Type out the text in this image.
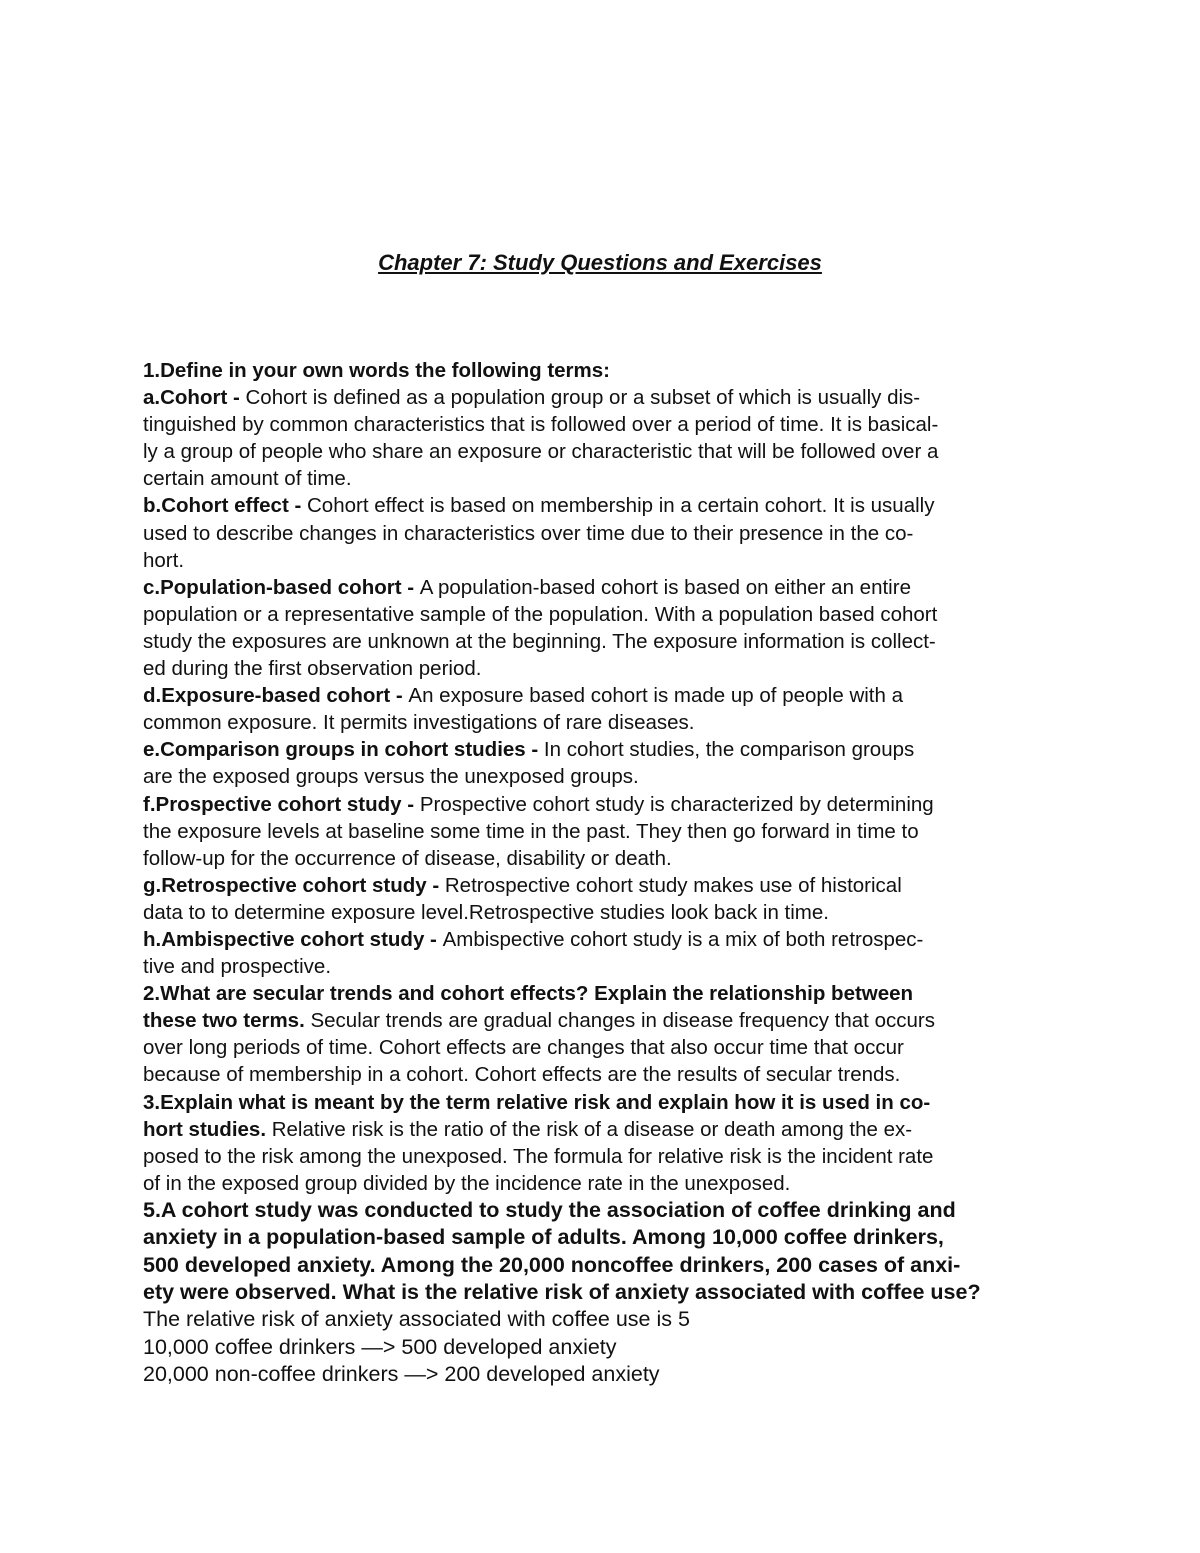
Chapter 7: Study Questions and Exercises
1.Define in your own words the following terms:
a.Cohort - Cohort is defined as a population group or a subset of which is usually dis-
tinguished by common characteristics that is followed over a period of time. It is basical-
ly a group of people who share an exposure or characteristic that will be followed over a
certain amount of time.
b.Cohort effect - Cohort effect is based on membership in a certain cohort. It is usually
used to describe changes in characteristics over time due to their presence in the co-
hort.
c.Population-based cohort - A population-based cohort is based on either an entire
population or a representative sample of the population. With a population based cohort
study the exposures are unknown at the beginning. The exposure information is collect-
ed during the first observation period.
d.Exposure-based cohort - An exposure based cohort is made up of people with a
common exposure. It permits investigations of rare diseases.
e.Comparison groups in cohort studies - In cohort studies, the comparison groups
are the exposed groups versus the unexposed groups.
f.Prospective cohort study - Prospective cohort study is characterized by determining
the exposure levels at baseline some time in the past. They then go forward in time to
follow-up for the occurrence of disease, disability or death.
g.Retrospective cohort study - Retrospective cohort study makes use of historical
data to to determine exposure level.Retrospective studies look back in time.
h.Ambispective cohort study - Ambispective cohort study is a mix of both retrospec-
tive and prospective.
2.What are secular trends and cohort effects? Explain the relationship between
these two terms. Secular trends are gradual changes in disease frequency that occurs
over long periods of time. Cohort effects are changes that also occur time that occur
because of membership in a cohort. Cohort effects are the results of secular trends.
3.Explain what is meant by the term relative risk and explain how it is used in co-
hort studies. Relative risk is the ratio of the risk of a disease or death among the ex-
posed to the risk among the unexposed. The formula for relative risk is the incident rate
of in the exposed group divided by the incidence rate in the unexposed.
5.A cohort study was conducted to study the association of coffee drinking and
anxiety in a population-based sample of adults. Among 10,000 coffee drinkers,
500 developed anxiety. Among the 20,000 noncoffee drinkers, 200 cases of anxi-
ety were observed. What is the relative risk of anxiety associated with coffee use?
The relative risk of anxiety associated with coffee use is 5
10,000 coffee drinkers —> 500 developed anxiety
20,000 non-coffee drinkers —> 200 developed anxiety
